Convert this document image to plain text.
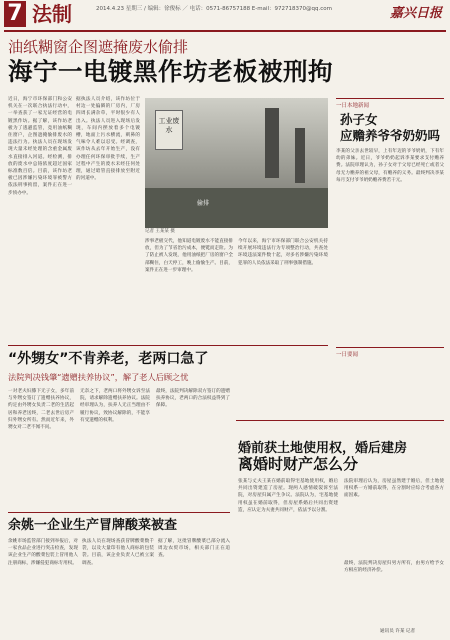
7 法制	2014.4.23 星期三 / 编辑：徐俊标 ／ 电话：0571-86757188 E-mail：972718370@qq.com	嘉兴日报
油纸糊窗企图遮掩废水偷排
海宁一电镀黑作坊老板被刑拘
近日，海宁市环保部门和公安机关在一次联合执法行动中，一举查获了一家无证经营的电镀黑作坊。据了解，该作坊老板为了逃避监管，竟用油纸糊住窗户，企图遮掩偷排废水的违法行为。执法人员在现场发现大量未经处理的含重金属废水直接排入河道。经检测，排放的废水中总铬浓度超过国家标准数百倍。目前，该作坊老板已因涉嫌污染环境罪被警方依法刑事拘留，案件正在进一步侦办中。
据执法人员介绍，该作坊位于村边一处偏僻的厂房内，厂房四周长满杂草，平时很少有人出入。执法人员进入现场后发现，车间内摆放着多个电镀槽，地面上污水横流，刺鼻的气味令人难以忍受。经调查，该作坊从去年开始生产，没有办理任何环保审批手续，生产过程中产生的废水未经任何处理，通过暗管直接排放至附近的河道中。
工业废水
偷排
记者 王某某 摄
涉事老板交代，他知道电镀废水不能直接排放，但为了节省治污成本，便铤而走险。为了防止被人发现，他用油纸把厂房的窗户全部糊住，白天停工，晚上偷偷生产。目前，案件正在进一步审理中。
今年以来，海宁市环保部门联合公安机关持续开展环境违法行为专项整治行动，共查处环境违法案件数十起，对多名涉嫌污染环境犯罪的人员依法采取了刑事强制措施。
一日本地新闻
孙子女
应赡养爷爷奶奶吗
李某的父亲去世较早，上有年迈的爷爷奶奶，下有年幼的弟妹。近日，爷爷奶奶起诉李某要求支付赡养费。法院审理认为，孙子女对于父母已经死亡或者父母无力赡养的祖父母，有赡养的义务。最终判决李某每月支付爷爷奶奶赡养费若干元。
一日要闻
“外甥女”不肯养老，老两口急了
法院判决钱肇“遗赠扶养协议”，解了老人后顾之忧
一对老夫妇膝下无子女，多年前与外甥女签订了遗赠扶养协议，约定由外甥女负责二老的生活起居和养老送终，二老去世后房产归外甥女所有。然而近年来，外甥女对二老不闻不问。
无奈之下，老两口将外甥女诉至法院，请求解除遗赠扶养协议。法院经审理认为，扶养人无正当理由不履行协议，致协议解除的，不能享有受遗赠的权利。
最终，法院判决解除双方签订的遗赠扶养协议，老两口的合法权益得到了保障。
余姚一企业生产冒牌酸菜被查
余姚市场监管部门接到举报后，对一家食品企业进行突击检查，发现该企业生产的酸菜包装上冒用他人注册商标，涉嫌侵犯商标专用权。
执法人员在现场查获冒牌酸菜数千袋，以及大量印有他人商标的包装袋。目前，该企业负责人已被立案调查。
据了解，这批冒牌酸菜已部分流入周边农贸市场，相关部门正在追查。
婚前获土地使用权，婚后建房
离婚时财产怎么分
张某与丈夫王某在婚前取得宅基地使用权，婚后共同出资建造了房屋。现两人感情破裂诉至法院，对房屋归属产生争议。法院认为，宅基地使用权虽在婚前取得，但房屋系婚后共同出资建造，应认定为夫妻共同财产，依法予以分割。
法院审理后认为，房屋虽然建于婚后，但土地使用权系一方婚前取得，在分割时应综合考虑各方面因素。
最终，法院判决房屋归男方所有，由男方给予女方相应的经济补偿。
通讯员 许某 记者
